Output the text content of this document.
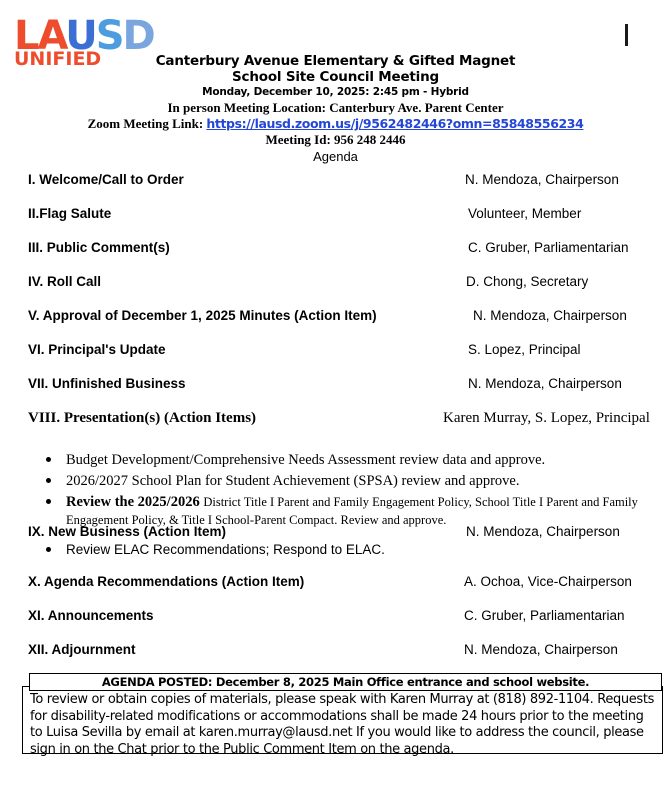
LAUSD
UNIFIED	Canterbury Avenue Elementary & Gifted Magnet
School Site Council Meeting
Monday, December 10, 2025: 2:45 pm - Hybrid
In person Meeting Location: Canterbury Ave. Parent Center
Zoom Meeting Link: https://lausd.zoom.us/j/9562482446?omn=85848556234
Meeting Id: 956 248 2446
Agenda
I. Welcome/Call to Order	N. Mendoza, Chairperson
II.Flag Salute	Volunteer, Member
III. Public Comment(s)	C. Gruber, Parliamentarian
IV. Roll Call	D. Chong, Secretary
V. Approval of December 1, 2025 Minutes (Action Item)	N. Mendoza, Chairperson
VI. Principal's Update	S. Lopez, Principal
VII. Unfinished Business	N. Mendoza, Chairperson
VIII. Presentation(s) (Action Items)	Karen Murray, S. Lopez, Principal
Budget Development/Comprehensive Needs Assessment review data and approve.
2026/2027 School Plan for Student Achievement (SPSA) review and approve.
Review the 2025/2026 District Title I Parent and Family Engagement Policy, School Title I Parent and Family Engagement Policy, & Title I School-Parent Compact. Review and approve.
IX. New Business (Action Item)	N. Mendoza, Chairperson
Review ELAC Recommendations; Respond to ELAC.
X. Agenda Recommendations (Action Item)	A. Ochoa, Vice-Chairperson
XI. Announcements	C. Gruber, Parliamentarian
XII. Adjournment	N. Mendoza, Chairperson
AGENDA POSTED: December 8, 2025 Main Office entrance and school website.
To review or obtain copies of materials, please speak with Karen Murray at (818) 892-1104. Requests for disability-related modifications or accommodations shall be made 24 hours prior to the meeting to Luisa Sevilla by email at karen.murray@lausd.net If you would like to address the council, please sign in on the Chat prior to the Public Comment Item on the agenda.
